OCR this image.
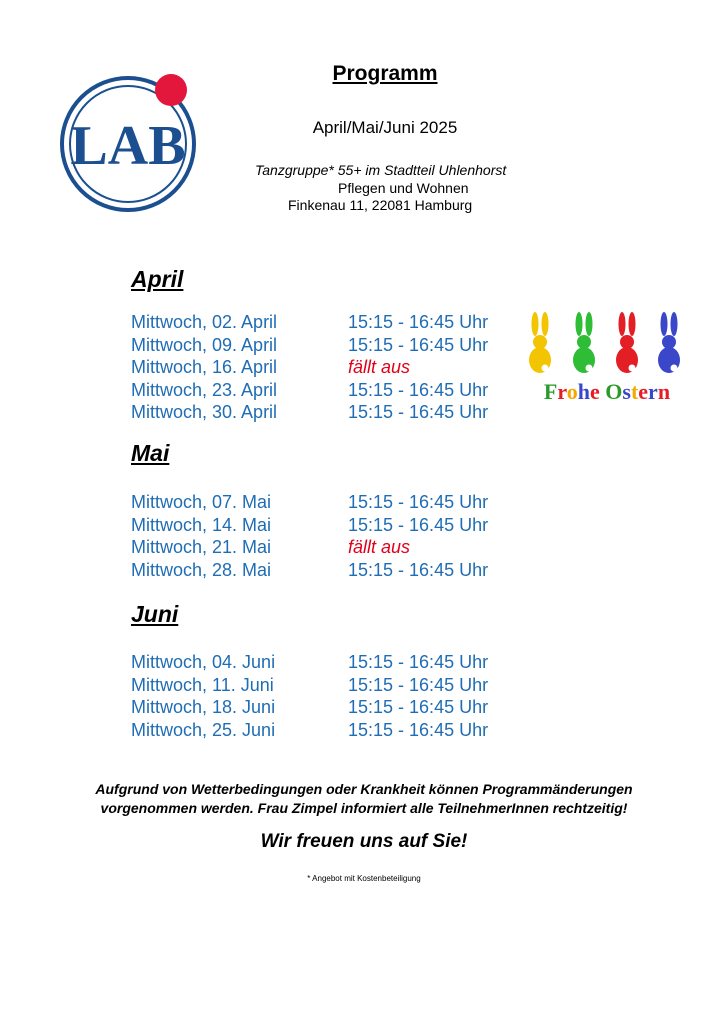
LAB
Programm
April/Mai/Juni 2025
Tanzgruppe* 55+ im Stadtteil Uhlenhorst
Pflegen und Wohnen
Finkenau 11, 22081 Hamburg
April
Mittwoch, 02. April	15:15 - 16:45 Uhr
Mittwoch, 09. April	15:15 - 16:45 Uhr
Mittwoch, 16. April	fällt aus
Mittwoch, 23. April	15:15 - 16:45 Uhr
Mittwoch, 30. April	15:15 - 16:45 Uhr
Mai
Mittwoch, 07. Mai	15:15 - 16:45 Uhr
Mittwoch, 14. Mai	15:15 - 16.45 Uhr
Mittwoch, 21. Mai	fällt aus
Mittwoch, 28. Mai	15:15 - 16:45 Uhr
Juni
Mittwoch, 04. Juni	15:15 - 16:45 Uhr
Mittwoch, 11. Juni	15:15 - 16:45 Uhr
Mittwoch, 18. Juni	15:15 - 16:45 Uhr
Mittwoch, 25. Juni	15:15 - 16:45 Uhr
Frohe Ostern
Aufgrund von Wetterbedingungen oder Krankheit können Programmänderungen
vorgenommen werden. Frau Zimpel informiert alle TeilnehmerInnen rechtzeitig!
Wir freuen uns auf Sie!
* Angebot mit Kostenbeteiligung
